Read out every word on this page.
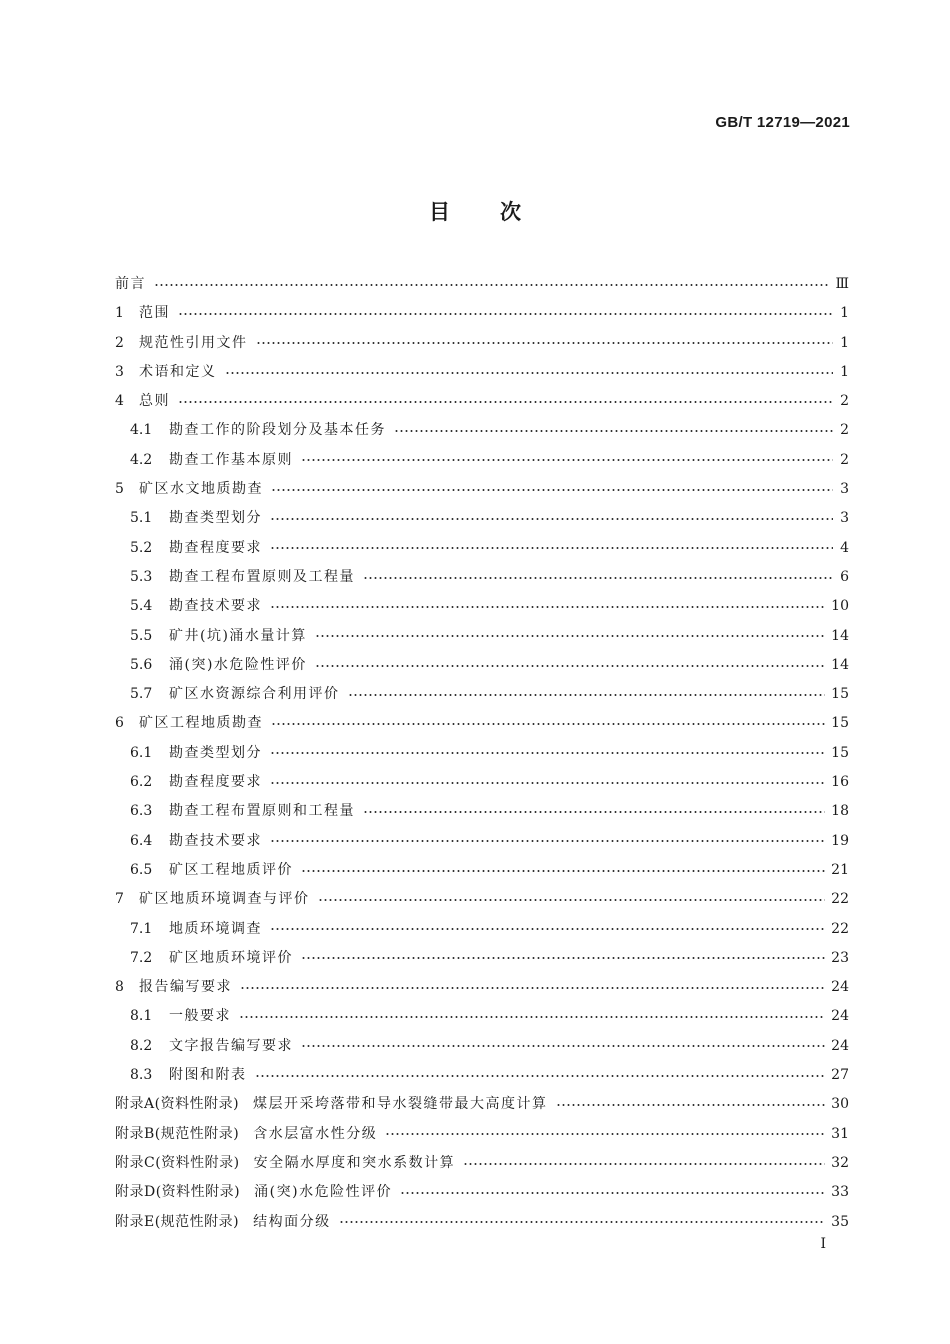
GB/T 12719—2021
目次
前言	Ⅲ
1	范围	1
2	规范性引用文件	1
3	术语和定义	1
4	总则	2
4.1	勘查工作的阶段划分及基本任务	2
4.2	勘查工作基本原则	2
5	矿区水文地质勘查	3
5.1	勘查类型划分	3
5.2	勘查程度要求	4
5.3	勘查工程布置原则及工程量	6
5.4	勘查技术要求	10
5.5	矿井(坑)涌水量计算	14
5.6	涌(突)水危险性评价	14
5.7	矿区水资源综合利用评价	15
6	矿区工程地质勘查	15
6.1	勘查类型划分	15
6.2	勘查程度要求	16
6.3	勘查工程布置原则和工程量	18
6.4	勘查技术要求	19
6.5	矿区工程地质评价	21
7	矿区地质环境调查与评价	22
7.1	地质环境调查	22
7.2	矿区地质环境评价	23
8	报告编写要求	24
8.1	一般要求	24
8.2	文字报告编写要求	24
8.3	附图和附表	27
附录A(资料性附录) 煤层开采垮落带和导水裂缝带最大高度计算	30
附录B(规范性附录) 含水层富水性分级	31
附录C(资料性附录) 安全隔水厚度和突水系数计算	32
附录D(资料性附录) 涌(突)水危险性评价	33
附录E(规范性附录) 结构面分级	35
I
